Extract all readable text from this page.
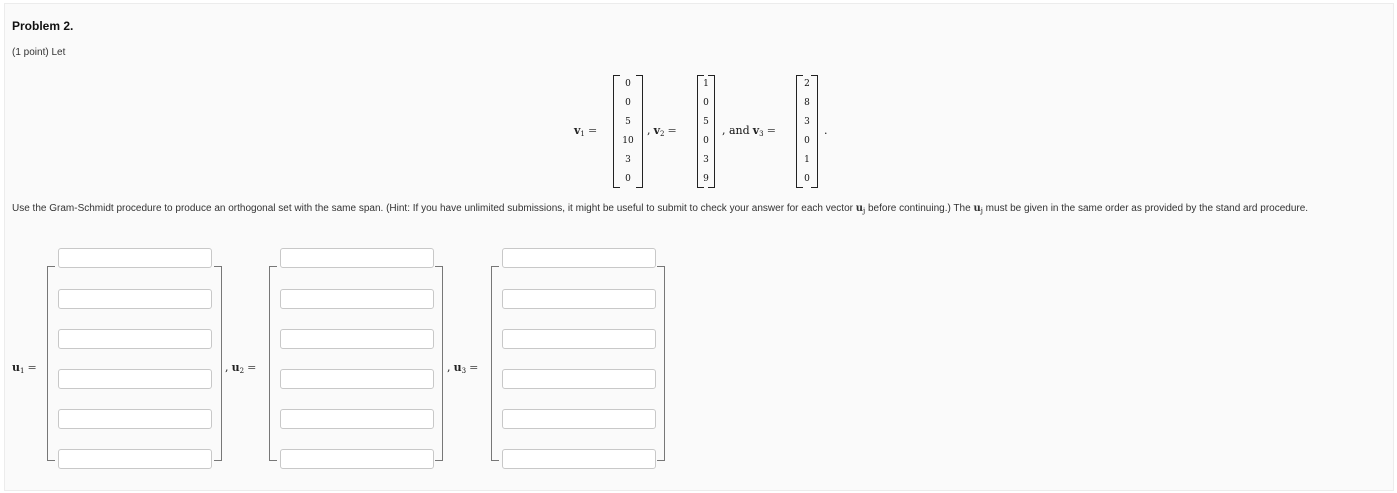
Problem 2.
(1 point) Let
$v_1$ =
0
0
5
10
3
0
, $v_2$ =
1
0
5
0
3
9
, and $v_3$ =
2
8
3
0
1
0
.
Use the Gram-Schmidt procedure to produce an orthogonal set with the same span. (Hint: If you have unlimited submissions, it might be useful to submit to check your answer for each vector $u_j$ before continuing.) The $u_j$ must be given in the same order as provided by the stand ard procedure.
$u_1$ =	, $u_2$ =	, $u_3$ =
